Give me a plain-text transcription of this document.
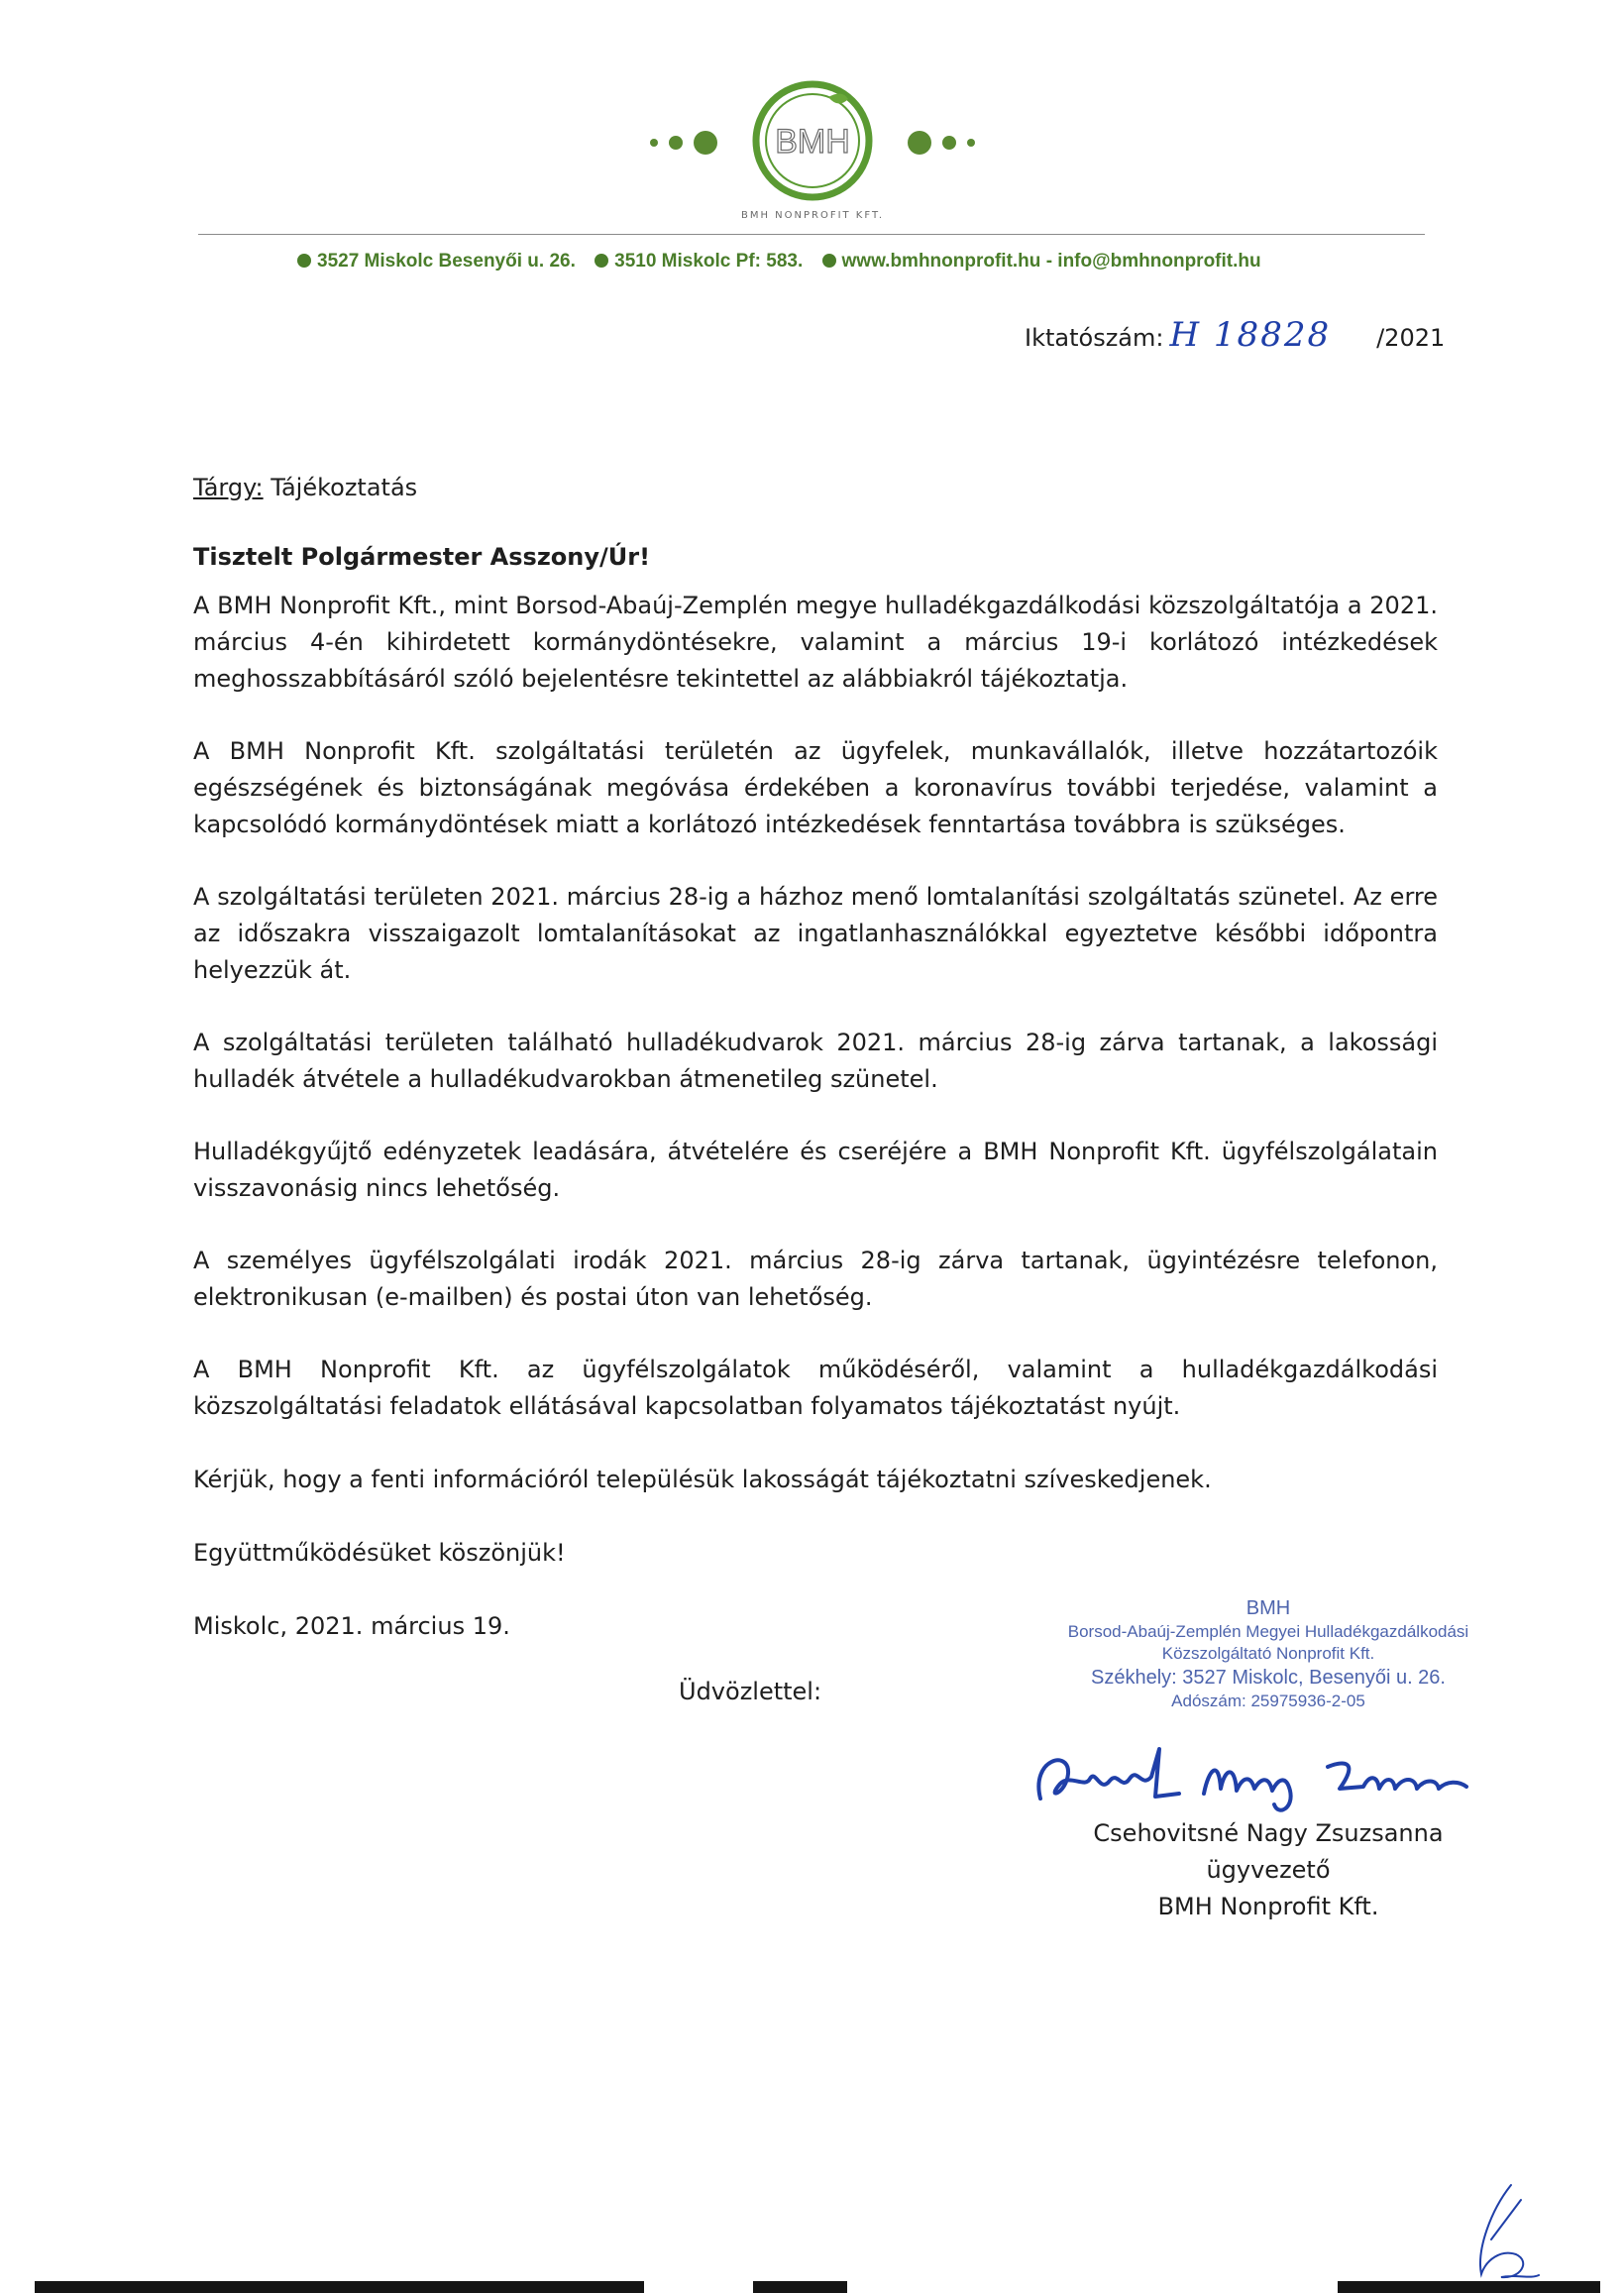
BMH
BMH NONPROFIT KFT.
3527 Miskolc Besenyői u. 26. 3510 Miskolc Pf: 583. www.bmhnonprofit.hu - info@bmhnonprofit.hu
Iktatószám: H 18828 /2021
Tárgy: Tájékoztatás
Tisztelt Polgármester Asszony/Úr!
A BMH Nonprofit Kft., mint Borsod-Abaúj-Zemplén megye hulladékgazdálkodási közszolgáltatója a 2021. március 4-én kihirdetett kormánydöntésekre, valamint a március 19-i korlátozó intézkedések meghosszabbításáról szóló bejelentésre tekintettel az alábbiakról tájékoztatja.
A BMH Nonprofit Kft. szolgáltatási területén az ügyfelek, munkavállalók, illetve hozzátartozóik egészségének és biztonságának megóvása érdekében a koronavírus további terjedése, valamint a kapcsolódó kormánydöntések miatt a korlátozó intézkedések fenntartása továbbra is szükséges.
A szolgáltatási területen 2021. március 28-ig a házhoz menő lomtalanítási szolgáltatás szünetel. Az erre az időszakra visszaigazolt lomtalanításokat az ingatlanhasználókkal egyeztetve későbbi időpontra helyezzük át.
A szolgáltatási területen található hulladékudvarok 2021. március 28-ig zárva tartanak, a lakossági hulladék átvétele a hulladékudvarokban átmenetileg szünetel.
Hulladékgyűjtő edényzetek leadására, átvételére és cseréjére a BMH Nonprofit Kft. ügyfélszolgálatain visszavonásig nincs lehetőség.
A személyes ügyfélszolgálati irodák 2021. március 28-ig zárva tartanak, ügyintézésre telefonon, elektronikusan (e-mailben) és postai úton van lehetőség.
A BMH Nonprofit Kft. az ügyfélszolgálatok működéséről, valamint a hulladékgazdálkodási közszolgáltatási feladatok ellátásával kapcsolatban folyamatos tájékoztatást nyújt.
Kérjük, hogy a fenti információról településük lakosságát tájékoztatni szíveskedjenek.
Együttműködésüket köszönjük!
Miskolc, 2021. március 19.
Üdvözlettel:
BMH
Borsod-Abaúj-Zemplén Megyei Hulladékgazdálkodási
Közszolgáltató Nonprofit Kft.
Székhely: 3527 Miskolc, Besenyői u. 26.
Adószám: 25975936-2-05
Csehovitsné Nagy Zsuzsanna
ügyvezető
BMH Nonprofit Kft.
